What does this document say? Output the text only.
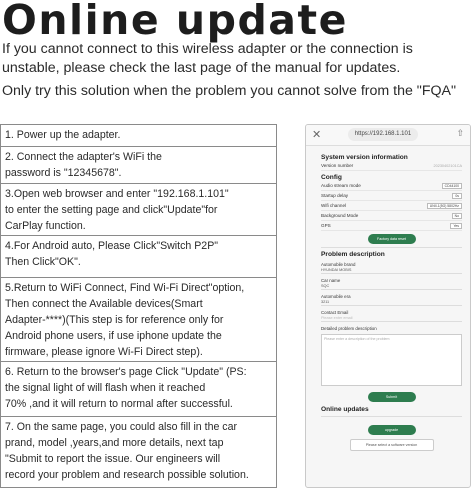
Online update
If you cannot connect to this wireless adapter or the connection is unstable, please check the last page of the manual for updates.
Only try this solution when the problem you cannot solve from the "FQA"
1. Power up the adapter.
2. Connect the adapter's WiFi the
password is "12345678".
3.Open web browser and enter "192.168.1.101"
to enter the setting page and click"Update"for
CarPlay function.
4.For Android auto, Please Click"Switch P2P"
Then Click"OK".
5.Return to WiFi Connect, Find Wi-Fi Direct"option,
Then connect the Available devices(Smart
Adapter-****)(This step is for reference only for
Android phone users, if use iphone update the
firmware, please ignore Wi-Fi Direct step).
6. Return to the browser's page Click "Update" (PS:
the signal light of will flash when it reached
70% ,and it will return to normal after successful.
7. On the same page, you could also fill in the car
prand, model ,years,and more details, next tap
"Submit to report the issue. Our engineers will
record your problem and research possible solution.
✕	https://192.168.1.101	⇧
System version information
Version number	20230402101CA
Config
Audio stream mode	CD44100
Startup delay	0s
Wifi channel	UNII-1(5G) 5802Hz
Background Mode	No
GPS	Yes
Factory data reset
Problem description
Automobile brand
HYUNDAI MOBIS
Car name
SQC
Automobile era
3211
Contact Email
Please enter email
Detailed problem description
Please enter a description of the problem
Submit
Online updates
upgrade
Please select a software version
